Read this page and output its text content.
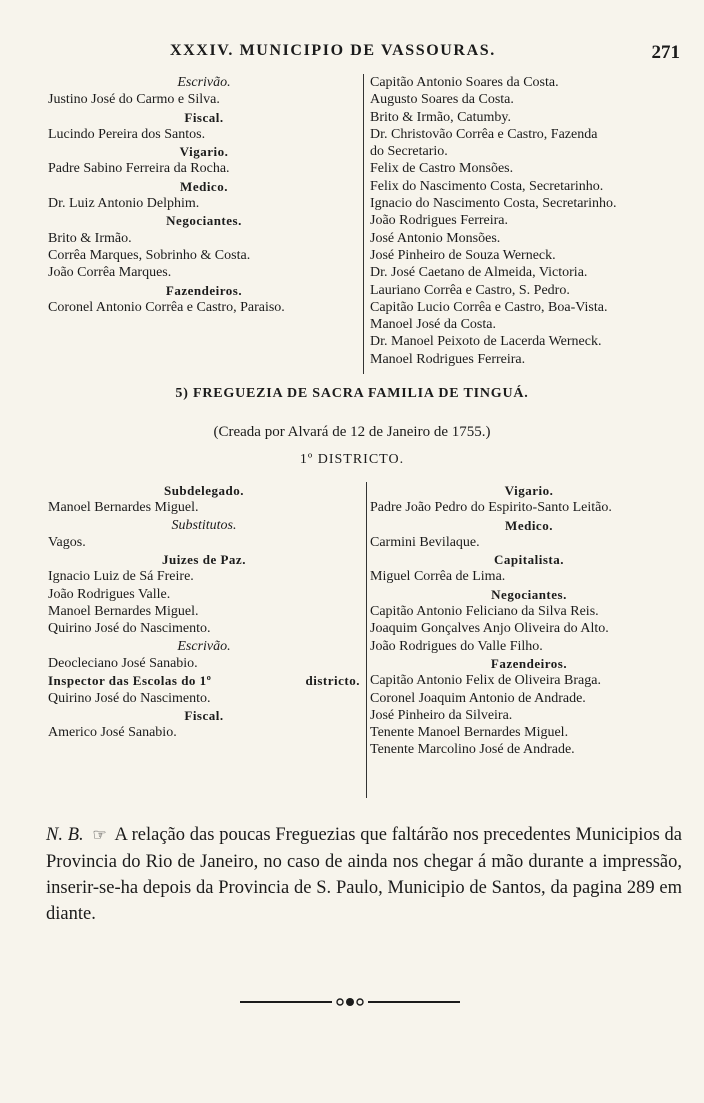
XXXIV. MUNICIPIO DE VASSOURAS.	271
Escrivão.
Justino José do Carmo e Silva.
Fiscal.
Lucindo Pereira dos Santos.
Vigario.
Padre Sabino Ferreira da Rocha.
Medico.
Dr. Luiz Antonio Delphim.
Negociantes.
Brito & Irmão.
Corrêa Marques, Sobrinho & Costa.
João Corrêa Marques.
Fazendeiros.
Coronel Antonio Corrêa e Castro, Paraiso.
Capitão Antonio Soares da Costa.
Augusto Soares da Costa.
Brito & Irmão, Catumby.
Dr. Christovão Corrêa e Castro, Fazenda
do Secretario.
Felix de Castro Monsões.
Felix do Nascimento Costa, Secretarinho.
Ignacio do Nascimento Costa, Secretarinho.
João Rodrigues Ferreira.
José Antonio Monsões.
José Pinheiro de Souza Werneck.
Dr. José Caetano de Almeida, Victoria.
Lauriano Corrêa e Castro, S. Pedro.
Capitão Lucio Corrêa e Castro, Boa-Vista.
Manoel José da Costa.
Dr. Manoel Peixoto de Lacerda Werneck.
Manoel Rodrigues Ferreira.
5) FREGUEZIA DE SACRA FAMILIA DE TINGUÁ.
(Creada por Alvará de 12 de Janeiro de 1755.)
1º DISTRICTO.
Subdelegado.
Manoel Bernardes Miguel.
Substitutos.
Vagos.
Juizes de Paz.
Ignacio Luiz de Sá Freire.
João Rodrigues Valle.
Manoel Bernardes Miguel.
Quirino José do Nascimento.
Escrivão.
Deocleciano José Sanabio.
Inspector das Escolas do 1º	districto.
Quirino José do Nascimento.
Fiscal.
Americo José Sanabio.
Vigario.
Padre João Pedro do Espirito-Santo Leitão.
Medico.
Carmini Bevilaque.
Capitalista.
Miguel Corrêa de Lima.
Negociantes.
Capitão Antonio Feliciano da Silva Reis.
Joaquim Gonçalves Anjo Oliveira do Alto.
João Rodrigues do Valle Filho.
Fazendeiros.
Capitão Antonio Felix de Oliveira Braga.
Coronel Joaquim Antonio de Andrade.
José Pinheiro da Silveira.
Tenente Manoel Bernardes Miguel.
Tenente Marcolino José de Andrade.
N. B. ☞ A relação das poucas Freguezias que faltárão nos precedentes Municipios da Provincia do Rio de Janeiro, no caso de ainda nos chegar á mão durante a impressão, inserir-se-ha depois da Provincia de S. Paulo, Municipio de Santos, da pagina 289 em diante.
